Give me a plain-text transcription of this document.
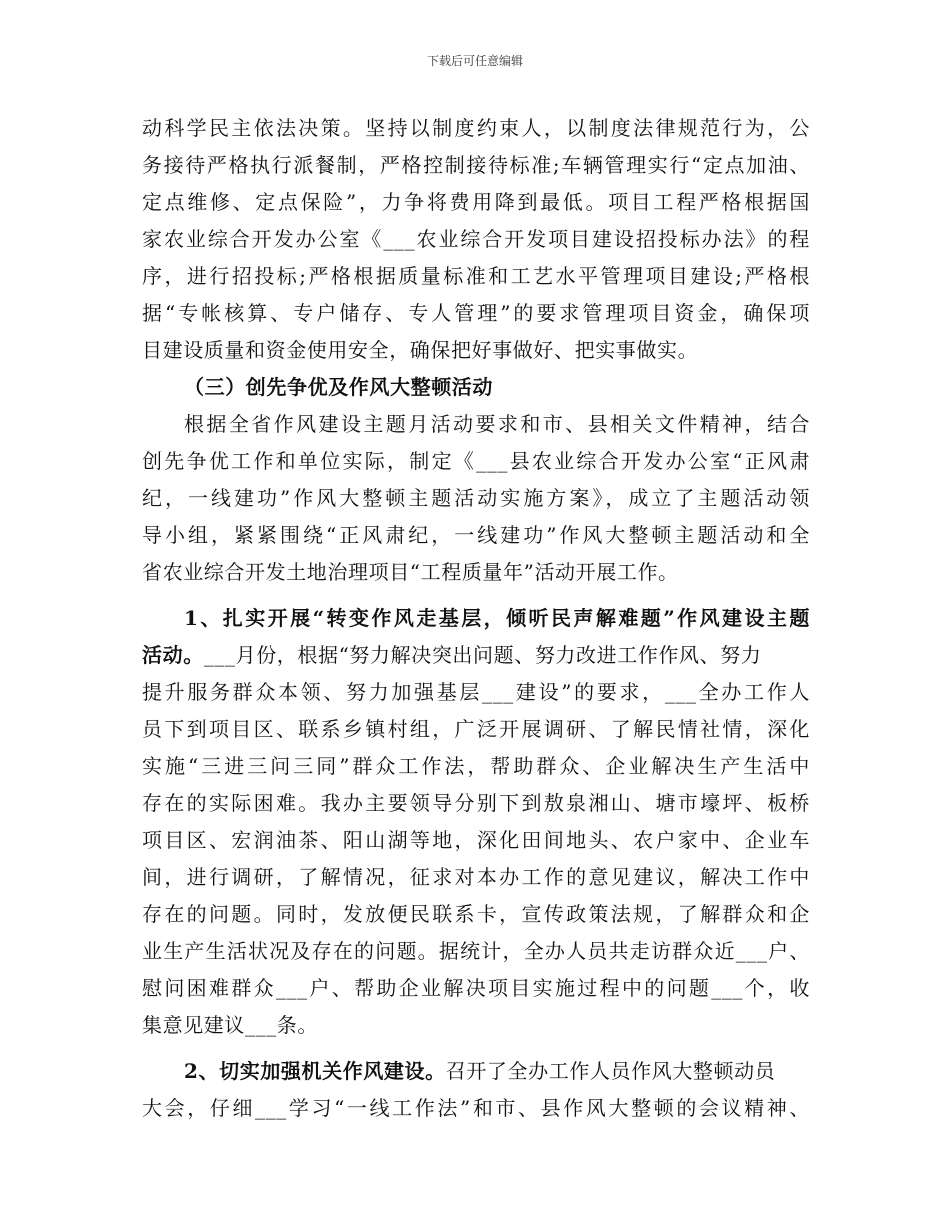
下载后可任意编辑
动科学民主依法决策。坚持以制度约束人，以制度法律规范行为，公
务接待严格执行派餐制，严格控制接待标准;车辆管理实行“定点加油、
定点维修、定点保险”，力争将费用降到最低。项目工程严格根据国
家农业综合开发办公室《___农业综合开发项目建设招投标办法》的程
序，进行招投标;严格根据质量标准和工艺水平管理项目建设;严格根
据“专帐核算、专户储存、专人管理”的要求管理项目资金，确保项
目建设质量和资金使用安全，确保把好事做好、把实事做实。
（三）创先争优及作风大整顿活动
根据全省作风建设主题月活动要求和市、县相关文件精神，结合
创先争优工作和单位实际，制定《___县农业综合开发办公室“正风肃
纪，一线建功”作风大整顿主题活动实施方案》，成立了主题活动领
导小组，紧紧围绕“正风肃纪，一线建功”作风大整顿主题活动和全
省农业综合开发土地治理项目“工程质量年”活动开展工作。
1、扎实开展“转变作风走基层，倾听民声解难题”作风建设主题
活动。___月份，根据“努力解决突出问题、努力改进工作作风、努力
提升服务群众本领、努力加强基层___建设”的要求，___全办工作人
员下到项目区、联系乡镇村组，广泛开展调研、了解民情社情，深化
实施“三进三问三同”群众工作法，帮助群众、企业解决生产生活中
存在的实际困难。我办主要领导分别下到敖泉湘山、塘市壕坪、板桥
项目区、宏润油茶、阳山湖等地，深化田间地头、农户家中、企业车
间，进行调研，了解情况，征求对本办工作的意见建议，解决工作中
存在的问题。同时，发放便民联系卡，宣传政策法规，了解群众和企
业生产生活状况及存在的问题。据统计，全办人员共走访群众近___户、
慰问困难群众___户、帮助企业解决项目实施过程中的问题___个，收
集意见建议___条。
2、切实加强机关作风建设。召开了全办工作人员作风大整顿动员
大会，仔细___学习“一线工作法”和市、县作风大整顿的会议精神、
